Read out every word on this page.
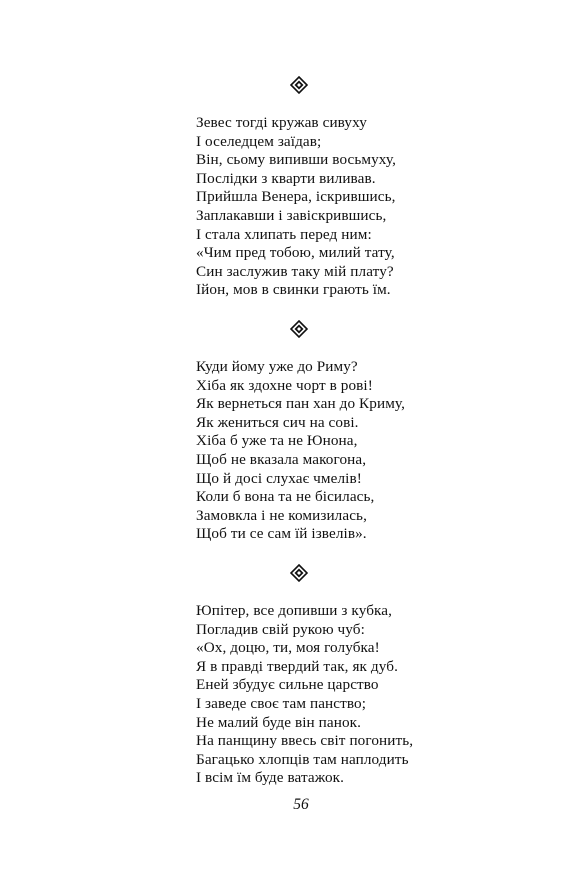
Зевес тогді кружав сивуху
І оселедцем заїдав;
Він, сьому випивши восьмуху,
Послідки з кварти виливав.
Прийшла Венера, іскрившись,
Заплакавши і завіскрившись,
І стала хлипать перед ним:
«Чим пред тобою, милий тату,
Син заслужив таку мій плату?
Ійон, мов в свинки грають їм.
Куди йому уже до Риму?
Хіба як здохне чорт в рові!
Як вернеться пан хан до Криму,
Як жениться сич на сові.
Хіба б уже та не Юнона,
Щоб не вказала макогона,
Що й досі слухає чмелів!
Коли б вона та не бісилась,
Замовкла і не комизилась,
Щоб ти се сам їй ізвелів».
Юпітер, все допивши з кубка,
Погладив свій рукою чуб:
«Ох, доцю, ти, моя голубка!
Я в правді твердий так, як дуб.
Еней збудує сильне царство
І заведе своє там панство;
Не малий буде він панок.
На панщину ввесь світ погонить,
Багацько хлопців там наплодить
І всім їм буде ватажок.
56
